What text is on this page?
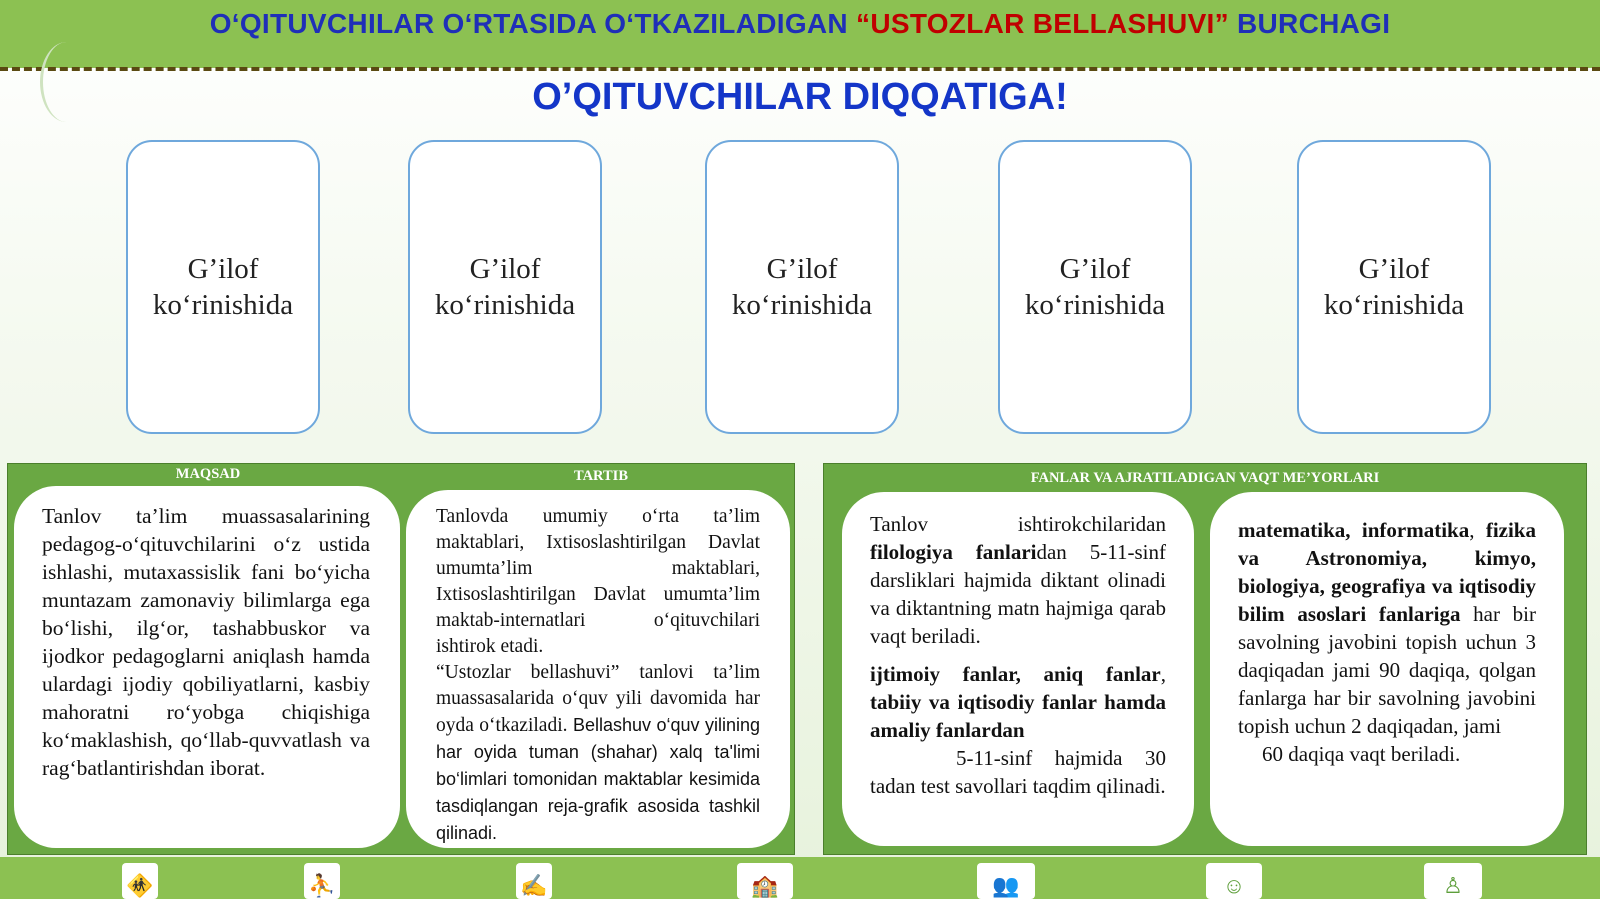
O‘QITUVCHILAR O‘RTASIDA O‘TKAZILADIGAN “USTOZLAR BELLASHUVI” BURCHAGI
O’QITUVCHILAR DIQQATIGA!
G’ilof
ko‘rinishida
G’ilof
ko‘rinishida
G’ilof
ko‘rinishida
G’ilof
ko‘rinishida
G’ilof
ko‘rinishida
MAQSAD	TARTIB
Tanlov ta’lim muassasalarining pedagog-o‘qituvchilarini o‘z ustida ishlashi, mutaxassislik fani bo‘yicha muntazam zamonaviy bilimlarga ega bo‘lishi, ilg‘or, tashabbuskor va ijodkor pedagoglarni aniqlash hamda ulardagi ijodiy qobiliyatlarni, kasbiy mahoratni ro‘yobga chiqishiga ko‘maklashish, qo‘llab-quvvatlash va rag‘batlantirishdan iborat.
Tanlovda umumiy o‘rta ta’lim maktablari, Ixtisoslashtirilgan Davlat umumta’lim maktablari, Ixtisoslashtirilgan Davlat umumta’lim maktab-internatlari o‘qituvchilari ishtirok etadi.
“Ustozlar bellashuvi” tanlovi ta’lim muassasalarida o‘quv yili davomida har oyda o‘tkaziladi. Bellashuv o‘quv yilining har oyida tuman (shahar) xalq ta'limi bo‘limlari tomonidan maktablar kesimida tasdiqlangan reja-grafik asosida tashkil qilinadi.
FANLAR VA AJRATILADIGAN VAQT ME’YORLARI
Tanlov ishtirokchilaridan filologiya fanlaridan 5-11-sinf darsliklari hajmida diktant olinadi va diktantning matn hajmiga qarab vaqt beriladi.
ijtimoiy fanlar, aniq fanlar, tabiiy va iqtisodiy fanlar hamda amaliy fanlardan
5-11-sinf hajmida 30 tadan test savollari taqdim qilinadi.
matematika, informatika, fizika va Astronomiya, kimyo, biologiya, geografiya va iqtisodiy bilim asoslari fanlariga har bir savolning javobini topish uchun 3 daqiqadan jami 90 daqiqa, qolgan fanlarga har bir savolning javobini topish uchun 2 daqiqadan, jami
60 daqiqa vaqt beriladi.
🚸	⛹	✍	🏫	👥	☺	♙
